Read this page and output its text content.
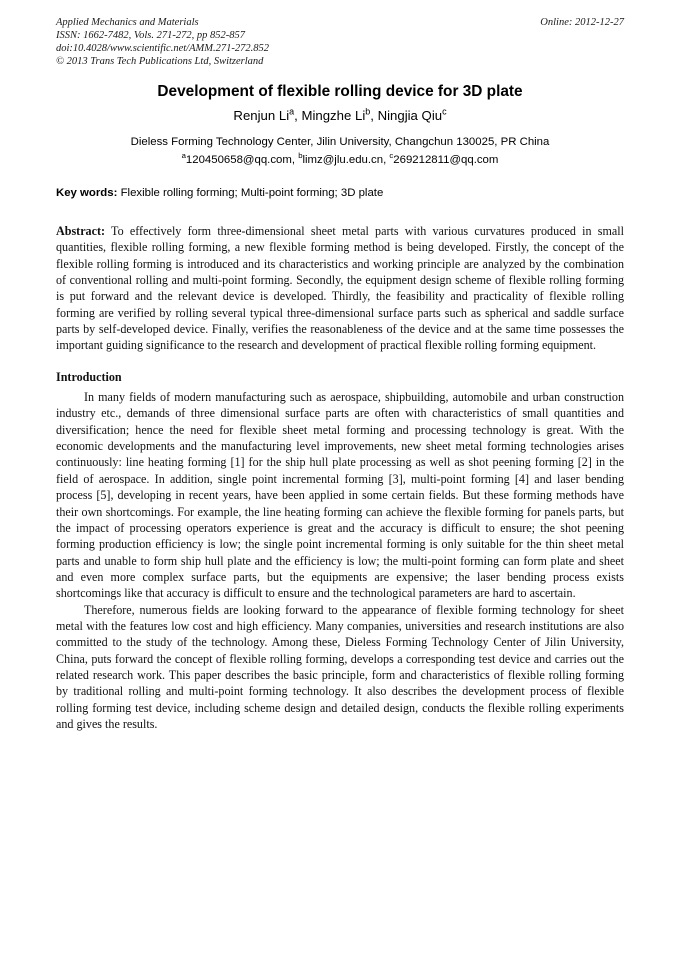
Applied Mechanics and Materials	Online: 2012-12-27
ISSN: 1662-7482, Vols. 271-272, pp 852-857
doi:10.4028/www.scientific.net/AMM.271-272.852
© 2013 Trans Tech Publications Ltd, Switzerland
Development of flexible rolling device for 3D plate
Renjun Li$^a$, Mingzhe Li$^b$, Ningjia Qiu$^c$
Dieless Forming Technology Center, Jilin University, Changchun 130025, PR China
$^a$120450658@qq.com, $^b$limz@jlu.edu.cn, $^c$269212811@qq.com
Key words: Flexible rolling forming; Multi-point forming; 3D plate

Abstract: To effectively form three-dimensional sheet metal parts with various curvatures produced in small quantities, flexible rolling forming, a new flexible forming method is being developed. Firstly, the concept of the flexible rolling forming is introduced and its characteristics and working principle are analyzed by the combination of conventional rolling and multi-point forming. Secondly, the equipment design scheme of flexible rolling forming is put forward and the relevant device is developed. Thirdly, the feasibility and practicality of flexible rolling forming are verified by rolling several typical three-dimensional surface parts such as spherical and saddle surface parts by self-developed device. Finally, verifies the reasonableness of the device and at the same time possesses the important guiding significance to the research and development of practical flexible rolling forming equipment.

Introduction

In many fields of modern manufacturing such as aerospace, shipbuilding, automobile and urban construction industry etc., demands of three dimensional surface parts are often with characteristics of small quantities and diversification; hence the need for flexible sheet metal forming and processing technology is great. With the economic developments and the manufacturing level improvements, new sheet metal forming technologies arises continuously: line heating forming [1] for the ship hull plate processing as well as shot peening forming [2] in the field of aerospace. In addition, single point incremental forming [3], multi-point forming [4] and laser bending process [5], developing in recent years, have been applied in some certain fields. But these forming methods have their own shortcomings. For example, the line heating forming can achieve the flexible forming for panels parts, but the impact of processing operators experience is great and the accuracy is difficult to ensure; the shot peening forming production efficiency is low; the single point incremental forming is only suitable for the thin sheet metal parts and unable to form ship hull plate and the efficiency is low; the multi-point forming can form plate and sheet and even more complex surface parts, but the equipments are expensive; the laser bending process exists shortcomings like that accuracy is difficult to ensure and the technological parameters are hard to ascertain.

Therefore, numerous fields are looking forward to the appearance of flexible forming technology for sheet metal with the features low cost and high efficiency. Many companies, universities and research institutions are also committed to the study of the technology. Among these, Dieless Forming Technology Center of Jilin University, China, puts forward the concept of flexible rolling forming, develops a corresponding test device and carries out the related research work. This paper describes the basic principle, form and characteristics of flexible rolling forming by traditional rolling and multi-point forming technology. It also describes the development process of flexible rolling forming test device, including scheme design and detailed design, conducts the flexible rolling experiments and gives the results.
